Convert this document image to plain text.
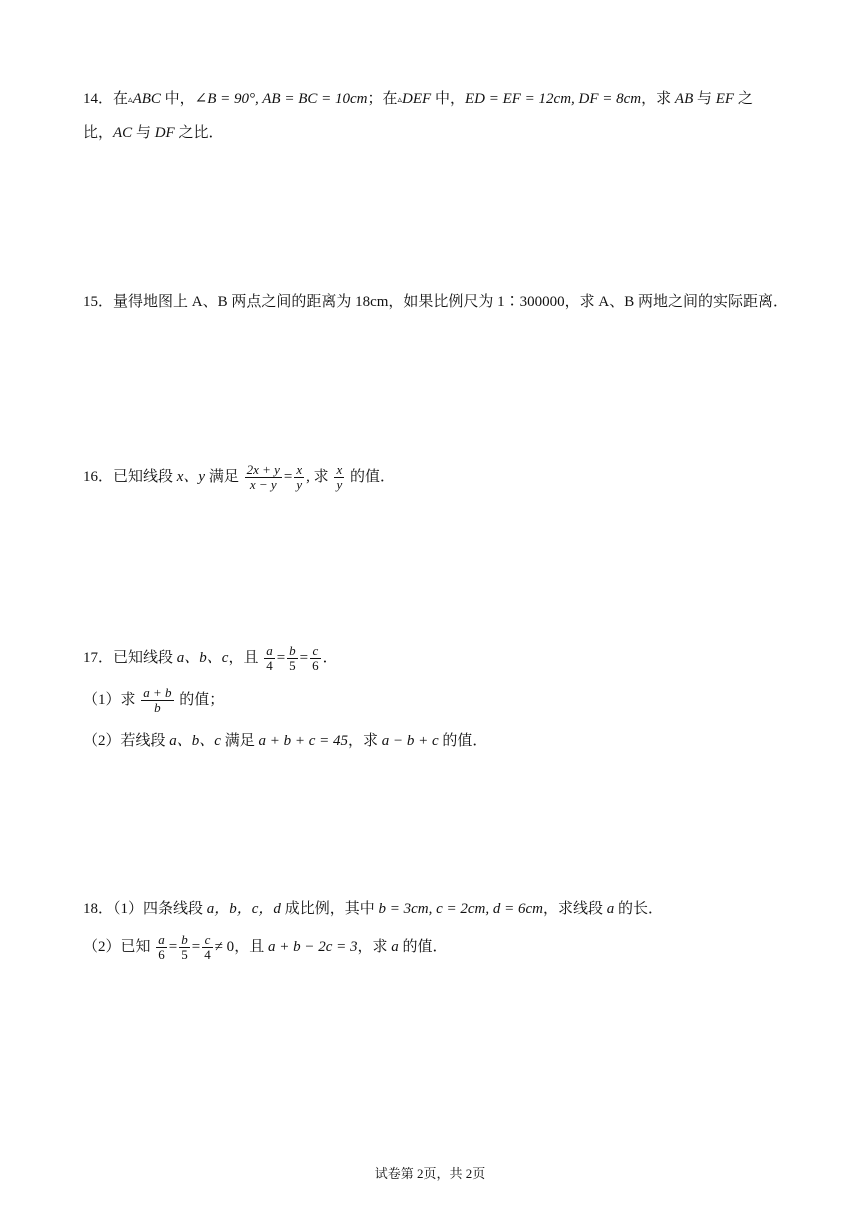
14．在▵ABC 中，∠B = 90°, AB = BC = 10cm；在▵DEF 中，ED = EF = 12cm, DF = 8cm，求 AB 与 EF 之
比，AC 与 DF 之比．
15．量得地图上 A、B 两点之间的距离为 18cm，如果比例尺为 1∶300000，求 A、B 两地之间的实际距离．
16．已知线段 x、y 满足 $\frac{2x + y}{x - y} = \frac{x}{y}$ , 求 $\frac{x}{y}$ 的值．
17．已知线段 a、b、c，且 $\frac{a}{4} = \frac{b}{5} = \frac{c}{6}$ ．
（1）求 $\frac{a + b}{b}$ 的值；
（2）若线段 a、b、c 满足 a + b + c = 45，求 a − b + c 的值．
18．（1）四条线段 a，b，c，d 成比例，其中 b = 3cm, c = 2cm, d = 6cm，求线段 a 的长．
（2）已知 $\frac{a}{6} = \frac{b}{5} = \frac{c}{4} \ne 0$，且 a + b − 2c = 3，求 a 的值．
试卷第 2页，共 2页
